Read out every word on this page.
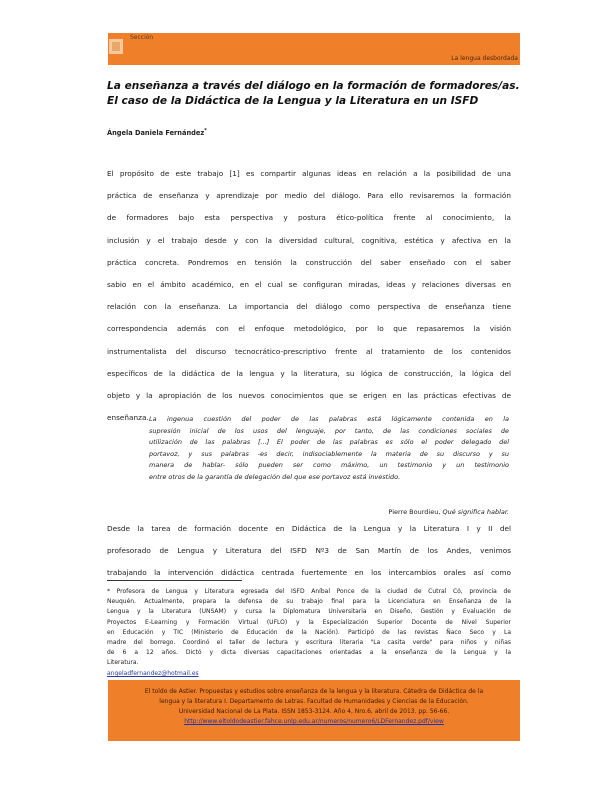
Sección
La lengua desbordada
La enseñanza a través del diálogo en la formación de formadores/as.
El caso de la Didáctica de la Lengua y la Literatura en un ISFD
Ángela Daniela Fernández*
El propósito de este trabajo [1] es compartir algunas ideas en relación a la posibilidad de una
práctica de enseñanza y aprendizaje por medio del diálogo. Para ello revisaremos la formación
de formadores bajo esta perspectiva y postura ético-política frente al conocimiento, la
inclusión y el trabajo desde y con la diversidad cultural, cognitiva, estética y afectiva en la
práctica concreta. Pondremos en tensión la construcción del saber enseñado con el saber
sabio en el ámbito académico, en el cual se configuran miradas, ideas y relaciones diversas en
relación con la enseñanza. La importancia del diálogo como perspectiva de enseñanza tiene
correspondencia además con el enfoque metodológico, por lo que repasaremos la visión
instrumentalista del discurso tecnocrático-prescriptivo frente al tratamiento de los contenidos
específicos de la didáctica de la lengua y la literatura, su lógica de construcción, la lógica del
objeto y la apropiación de los nuevos conocimientos que se erigen en las prácticas efectivas de
enseñanza. La ingenua cuestión del poder de las palabras está lógicamente contenida en la
supresión inicial de los usos del lenguaje, por tanto, de las condiciones sociales de
utilización de las palabras [...] El poder de las palabras es sólo el poder delegado del
portavoz, y sus palabras -es decir, indisociablemente la materia de su discurso y su
manera de hablar- sólo pueden ser como máximo, un testimonio y un testimonio
entre otros de la garantía de delegación del que ese portavoz está investido.
Pierre Bourdieu, Qué significa hablar.
Desde la tarea de formación docente en Didáctica de la Lengua y la Literatura I y II del
profesorado de Lengua y Literatura del ISFD Nº3 de San Martín de los Andes, venimos
trabajando la intervención didáctica centrada fuertemente en los intercambios orales así como
* Profesora de Lengua y Literatura egresada del ISFD Aníbal Ponce de la ciudad de Cutral Có, provincia de
Neuquén. Actualmente, prepara la defensa de su trabajo final para la Licenciatura en Enseñanza de la
Lengua y la Literatura (UNSAM) y cursa la Diplomatura Universitaria en Diseño, Gestión y Evaluación de
Proyectos E-Learning y Formación Virtual (UFLO) y la Especialización Superior Docente de Nivel Superior
en Educación y TIC (Ministerio de Educación de la Nación). Participó de las revistas Ñaco Seco y La
madre del borrego. Coordinó el taller de lectura y escritura literaria "La casita verde" para niños y niñas
de 6 a 12 años. Dictó y dicta diversas capacitaciones orientadas a la enseñanza de la Lengua y la
Literatura.
angeladfernandez@hotmail.es
El toldo de Astier. Propuestas y estudios sobre enseñanza de la lengua y la literatura. Cátedra de Didáctica de la
lengua y la literatura I. Departamento de Letras. Facultad de Humanidades y Ciencias de la Educación.
Universidad Nacional de La Plata. ISSN 1853-3124. Año 4, Nro.6, abril de 2013. pp. 56-66.
http://www.eltoldodeastier.fahce.unlp.edu.ar/numeros/numero6/LDFernandez.pdf/view
